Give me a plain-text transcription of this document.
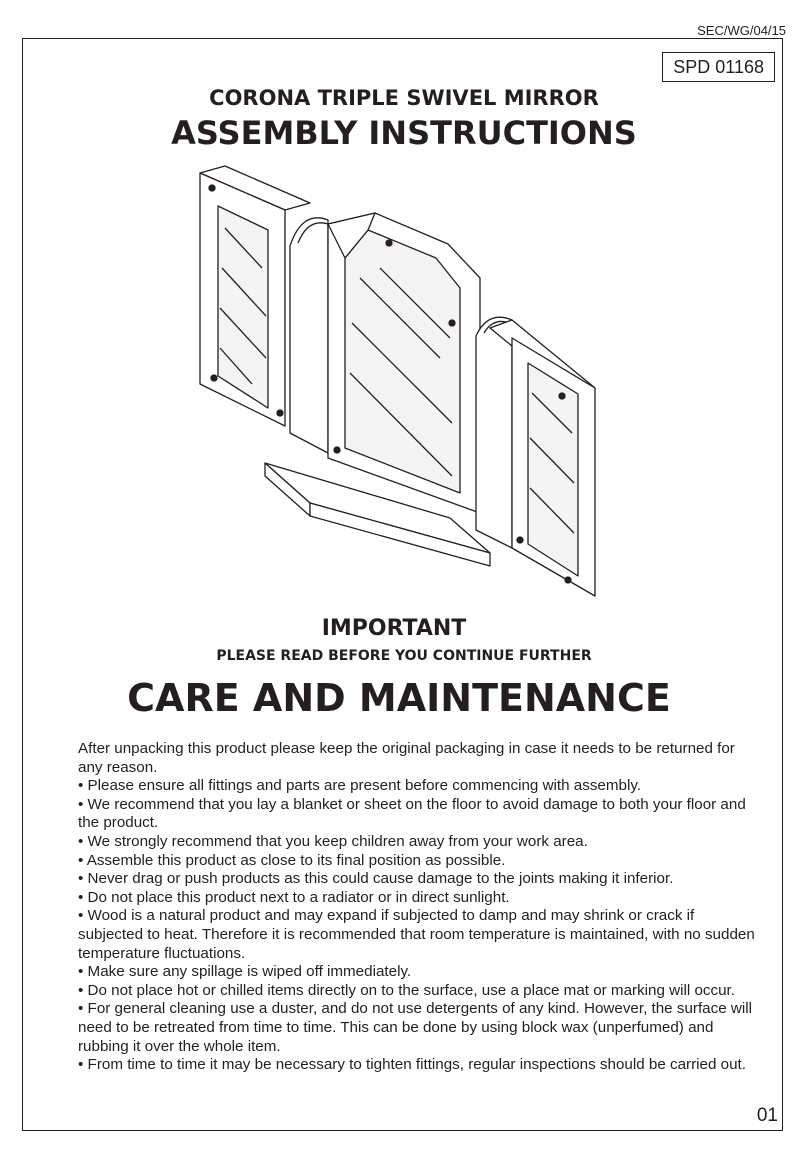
SEC/WG/04/15
SPD 01168
CORONA TRIPLE SWIVEL MIRROR
ASSEMBLY INSTRUCTIONS
IMPORTANT
PLEASE READ BEFORE YOU CONTINUE FURTHER
CARE AND MAINTENANCE

After unpacking this product please keep the original packaging in case it needs to be returned for any reason.

• Please ensure all fittings and parts are present before commencing with assembly.

• We recommend that you lay a blanket or sheet on the floor to avoid damage to both your floor and the product.

• We strongly recommend that you keep children away from your work area.

• Assemble this product as close to its final position as possible.

• Never drag or push products as this could cause damage to the joints making it inferior.

• Do not place this product next to a radiator or in direct sunlight.

• Wood is a natural product and may expand if subjected to damp and may shrink or crack if subjected to heat. Therefore it is recommended that room temperature is maintained, with no sudden temperature fluctuations.

• Make sure any spillage is wiped off immediately.

• Do not place hot or chilled items directly on to the surface, use a place mat or marking will occur.

• For general cleaning use a duster, and do not use detergents of any kind. However, the surface will need to be retreated from time to time. This can be done by using block wax (unperfumed) and rubbing it over the whole item.

• From time to time it may be necessary to tighten fittings, regular inspections should be carried out.

01
